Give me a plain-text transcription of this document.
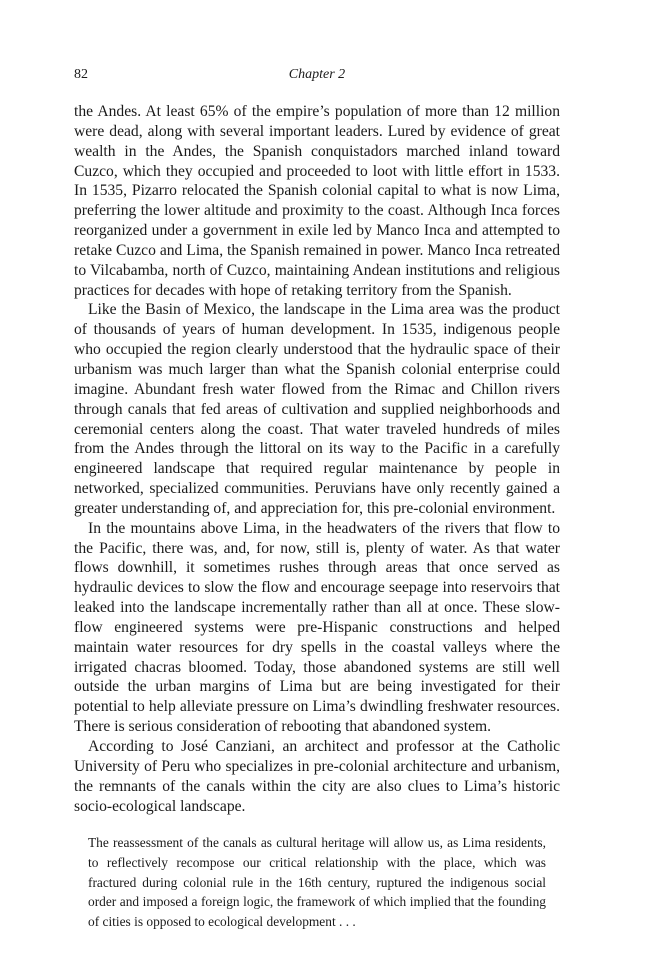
82	Chapter 2

the Andes. At least 65% of the empire’s population of more than 12 million were dead, along with several important leaders. Lured by evidence of great wealth in the Andes, the Spanish conquistadors marched inland toward Cuzco, which they occupied and proceeded to loot with little effort in 1533. In 1535, Pizarro relocated the Spanish colonial capital to what is now Lima, preferring the lower altitude and proximity to the coast. Although Inca forces reorganized under a government in exile led by Manco Inca and attempted to retake Cuzco and Lima, the Spanish remained in power. Manco Inca retreated to Vilcabamba, north of Cuzco, maintaining Andean institutions and religious practices for decades with hope of retaking territory from the Spanish.

Like the Basin of Mexico, the landscape in the Lima area was the product of thousands of years of human development. In 1535, indigenous people who occupied the region clearly understood that the hydraulic space of their urbanism was much larger than what the Spanish colonial enterprise could imagine. Abundant fresh water flowed from the Rimac and Chillon rivers through canals that fed areas of cultivation and supplied neighborhoods and ceremonial centers along the coast. That water traveled hundreds of miles from the Andes through the littoral on its way to the Pacific in a carefully engineered landscape that required regular maintenance by people in networked, specialized communities. Peruvians have only recently gained a greater understanding of, and appreciation for, this pre-colonial environment.

In the mountains above Lima, in the headwaters of the rivers that flow to the Pacific, there was, and, for now, still is, plenty of water. As that water flows downhill, it sometimes rushes through areas that once served as hydraulic devices to slow the flow and encourage seepage into reservoirs that leaked into the landscape incrementally rather than all at once. These slow-flow engineered systems were pre-Hispanic constructions and helped maintain water resources for dry spells in the coastal valleys where the irrigated chacras bloomed. Today, those abandoned systems are still well outside the urban margins of Lima but are being investigated for their potential to help alleviate pressure on Lima’s dwindling freshwater resources. There is serious consideration of rebooting that abandoned system.

According to José Canziani, an architect and professor at the Catholic University of Peru who specializes in pre-colonial architecture and urbanism, the remnants of the canals within the city are also clues to Lima’s historic socio-ecological landscape.

The reassessment of the canals as cultural heritage will allow us, as Lima residents, to reflectively recompose our critical relationship with the place, which was fractured during colonial rule in the 16th century, ruptured the indigenous social order and imposed a foreign logic, the framework of which implied that the founding of cities is opposed to ecological development . . .
